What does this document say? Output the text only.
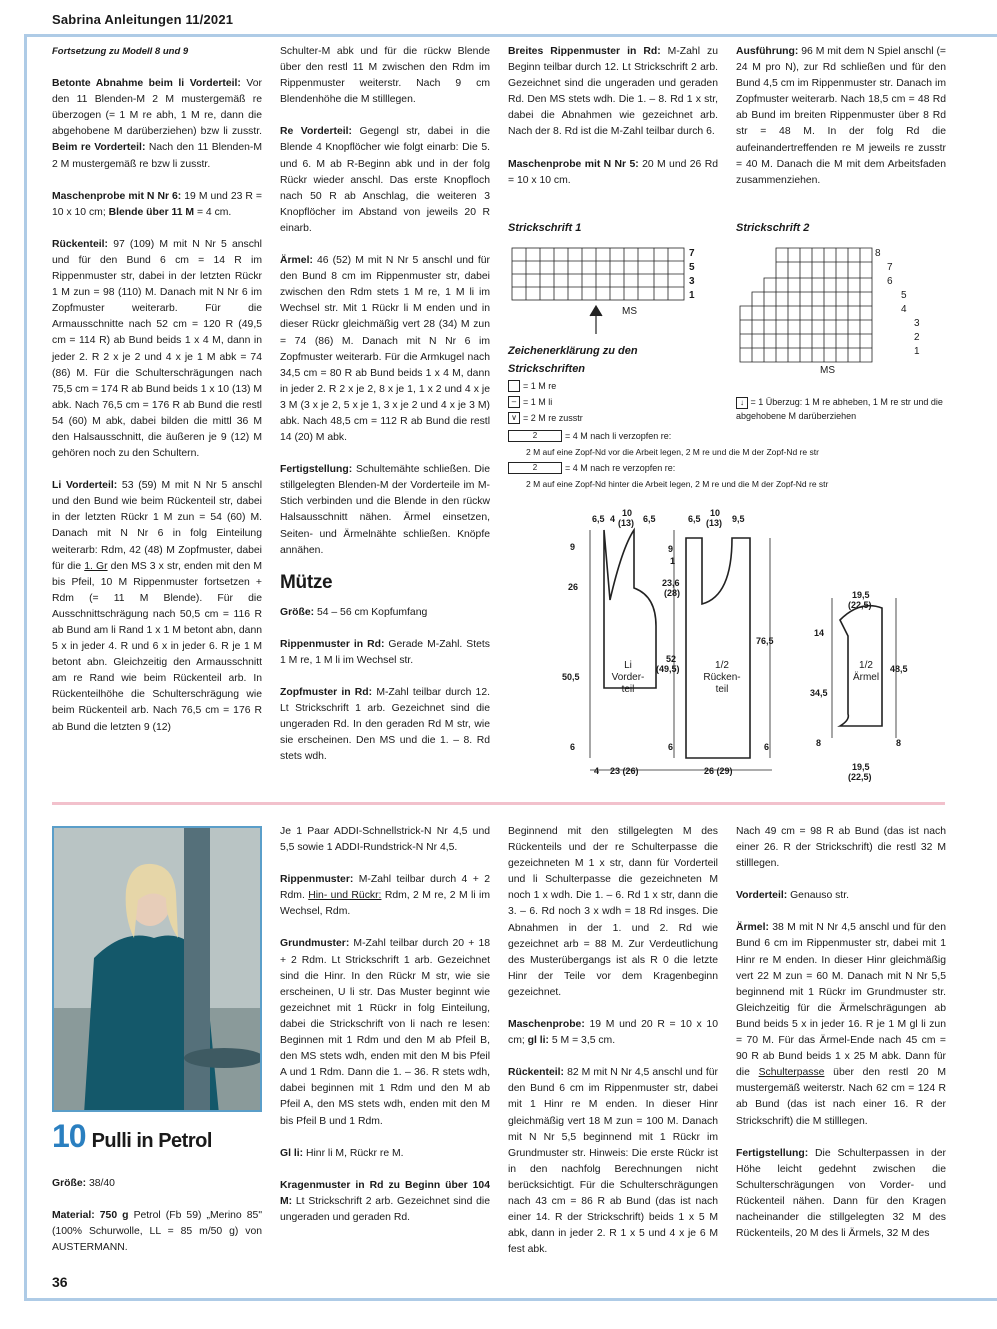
Sabrina Anleitungen 11/2021

Fortsetzung zu Modell 8 und 9

Betonte Abnahme beim li Vorderteil: Vor den 11 Blenden-M 2 M mustergemäß re überzogen (= 1 M re abh, 1 M re, dann die abgehobene M darüberziehen) bzw li zusstr. Beim re Vorderteil: Nach den 11 Blenden-M 2 M mustergemäß re bzw li zusstr.

Maschenprobe mit N Nr 6: 19 M und 23 R = 10 x 10 cm; Blende über 11 M = 4 cm.

Rückenteil: 97 (109) M mit N Nr 5 anschl und für den Bund 6 cm = 14 R im Rippenmuster str, dabei in der letzten Rückr 1 M zun = 98 (110) M. Danach mit N Nr 6 im Zopfmuster weiterarb. Für die Armausschnitte nach 52 cm = 120 R (49,5 cm = 114 R) ab Bund beids 1 x 4 M, dann in jeder 2. R 2 x je 2 und 4 x je 1 M abk = 74 (86) M. Für die Schulterschrägungen nach 75,5 cm = 174 R ab Bund beids 1 x 10 (13) M abk. Nach 76,5 cm = 176 R ab Bund die restl 54 (60) M abk, dabei bilden die mittl 36 M den Halsausschnitt, die äußeren je 9 (12) M gehören noch zu den Schultern.

Li Vorderteil: 53 (59) M mit N Nr 5 anschl und den Bund wie beim Rückenteil str, dabei in der letzten Rückr 1 M zun = 54 (60) M. Danach mit N Nr 6 in folg Einteilung weiterarb: Rdm, 42 (48) M Zopfmuster, dabei für die 1. Gr den MS 3 x str, enden mit den M bis Pfeil, 10 M Rippenmuster fortsetzen + Rdm (= 11 M Blende). Für die Ausschnittschrägung nach 50,5 cm = 116 R ab Bund am li Rand 1 x 1 M betont abn, dann 5 x in jeder 4. R und 6 x in jeder 6. R je 1 M betont abn. Gleichzeitig den Armausschnitt am re Rand wie beim Rückenteil arb. In Rückenteilhöhe die Schulterschrägung wie beim Rückenteil arb. Nach 76,5 cm = 176 R ab Bund die letzten 9 (12)

Schulter-M abk und für die rückw Blende über den restl 11 M zwischen den Rdm im Rippenmuster weiterstr. Nach 9 cm Blendenhöhe die M stilllegen.

Re Vorderteil: Gegengl str, dabei in die Blende 4 Knopflöcher wie folgt einarb: Die 5. und 6. M ab R-Beginn abk und in der folg Rückr wieder anschl. Das erste Knopfloch nach 50 R ab Anschlag, die weiteren 3 Knopflöcher im Abstand von jeweils 20 R einarb.

Ärmel: 46 (52) M mit N Nr 5 anschl und für den Bund 8 cm im Rippenmuster str, dabei zwischen den Rdm stets 1 M re, 1 M li im Wechsel str. Mit 1 Rückr li M enden und in dieser Rückr gleichmäßig vert 28 (34) M zun = 74 (86) M. Danach mit N Nr 6 im Zopfmuster weiterarb. Für die Armkugel nach 34,5 cm = 80 R ab Bund beids 1 x 4 M, dann in jeder 2. R 2 x je 2, 8 x je 1, 1 x 2 und 4 x je 3 M (3 x je 2, 5 x je 1, 3 x je 2 und 4 x je 3 M) abk. Nach 48,5 cm = 112 R ab Bund die restl 14 (20) M abk.

Fertigstellung: Schultemähte schließen. Die stillgelegten Blenden-M der Vorderteile im M-Stich verbinden und die Blende in den rückw Halsausschnitt nähen. Ärmel einsetzen, Seiten- und Ärmelnähte schließen. Knöpfe annähen.

Mütze

Größe: 54 – 56 cm Kopfumfang

Rippenmuster in Rd: Gerade M-Zahl. Stets 1 M re, 1 M li im Wechsel str.

Zopfmuster in Rd: M-Zahl teilbar durch 12. Lt Strickschrift 1 arb. Gezeichnet sind die ungeraden Rd. In den geraden Rd M str, wie sie erscheinen. Den MS und die 1. – 8. Rd stets wdh.

Breites Rippenmuster in Rd: M-Zahl zu Beginn teilbar durch 12. Lt Strickschrift 2 arb. Gezeichnet sind die ungeraden und geraden Rd. Den MS stets wdh. Die 1. – 8. Rd 1 x str, dabei die Abnahmen wie gezeichnet arb. Nach der 8. Rd ist die M-Zahl teilbar durch 6.

Maschenprobe mit N Nr 5: 20 M und 26 Rd = 10 x 10 cm.

Ausführung: 96 M mit dem N Spiel anschl (= 24 M pro N), zur Rd schließen und für den Bund 4,5 cm im Rippenmuster str. Danach im Zopfmuster weiterarb. Nach 18,5 cm = 48 Rd ab Bund im breiten Rippenmuster über 8 Rd str = 48 M. In der folg Rd die aufeinandertreffenden re M jeweils re zusstr = 40 M. Danach die M mit dem Arbeitsfaden zusammenziehen.

Strickschrift 1
7
5
3
1
MS
Strickschrift 2
8
7
6
5
4
3
2
1
MS
Zeichenerklärung zu den Strickschriften
= 1 M re
– = 1 M li
∨ = 2 M re zusstr
2	= 4 M nach li verzopfen re:
2 M auf eine Zopf-Nd vor die Arbeit legen, 2 M re und die M der Zopf-Nd re str
2	= 4 M nach re verzopfen re:
2 M auf eine Zopf-Nd hinter die Arbeit legen, 2 M re und die M der Zopf-Nd re str
↓ = 1 Überzug: 1 M re abheben, 1 M re str und die abgehobene M darüberziehen
6,5 4
10
(13) 6,5	6,5
10
(13) 9,5
9
26
50,5
6
9
1
23,6
(28)
52
(49,5)
6
76,5
6
Li Vorder-teil
1/2 Rücken-teil
1/2 Ärmel
4 23 (26)	26 (29)
19,5
(22,5)
14
34,5
48,5
8	8
19,5
(22,5)
10 Pulli in Petrol

Größe: 38/40

Material: 750 g Petrol (Fb 59) „Merino 85" (100% Schurwolle, LL = 85 m/50 g) von AUSTERMANN.

Je 1 Paar ADDI-Schnellstrick-N Nr 4,5 und 5,5 sowie 1 ADDI-Rundstrick-N Nr 4,5.

Rippenmuster: M-Zahl teilbar durch 4 + 2 Rdm. Hin- und Rückr: Rdm, 2 M re, 2 M li im Wechsel, Rdm.

Grundmuster: M-Zahl teilbar durch 20 + 18 + 2 Rdm. Lt Strickschrift 1 arb. Gezeichnet sind die Hinr. In den Rückr M str, wie sie erscheinen, U li str. Das Muster beginnt wie gezeichnet mit 1 Rückr in folg Einteilung, dabei die Strickschrift von li nach re lesen: Beginnen mit 1 Rdm und den M ab Pfeil B, den MS stets wdh, enden mit den M bis Pfeil A und 1 Rdm. Dann die 1. – 36. R stets wdh, dabei beginnen mit 1 Rdm und den M ab Pfeil A, den MS stets wdh, enden mit den M bis Pfeil B und 1 Rdm.

Gl li: Hinr li M, Rückr re M.

Kragenmuster in Rd zu Beginn über 104 M: Lt Strickschrift 2 arb. Gezeichnet sind die ungeraden und geraden Rd.

Beginnend mit den stillgelegten M des Rückenteils und der re Schulterpasse die gezeichneten M 1 x str, dann für Vorderteil und li Schulterpasse die gezeichneten M noch 1 x wdh. Die 1. – 6. Rd 1 x str, dann die 3. – 6. Rd noch 3 x wdh = 18 Rd insges. Die Abnahmen in der 1. und 2. Rd wie gezeichnet arb = 88 M. Zur Verdeutlichung des Musterübergangs ist als R 0 die letzte Hinr der Teile vor dem Kragenbeginn gezeichnet.

Maschenprobe: 19 M und 20 R = 10 x 10 cm; gl li: 5 M = 3,5 cm.

Rückenteil: 82 M mit N Nr 4,5 anschl und für den Bund 6 cm im Rippenmuster str, dabei mit 1 Hinr re M enden. In dieser Hinr gleichmäßig vert 18 M zun = 100 M. Danach mit N Nr 5,5 beginnend mit 1 Rückr im Grundmuster str. Hinweis: Die erste Rückr ist in den nachfolg Berechnungen nicht berücksichtigt. Für die Schulterschrägungen nach 43 cm = 86 R ab Bund (das ist nach einer 14. R der Strickschrift) beids 1 x 5 M abk, dann in jeder 2. R 1 x 5 und 4 x je 6 M fest abk.

Nach 49 cm = 98 R ab Bund (das ist nach einer 26. R der Strickschrift) die restl 32 M stilllegen.

Vorderteil: Genauso str.

Ärmel: 38 M mit N Nr 4,5 anschl und für den Bund 6 cm im Rippenmuster str, dabei mit 1 Hinr re M enden. In dieser Hinr gleichmäßig vert 22 M zun = 60 M. Danach mit N Nr 5,5 beginnend mit 1 Rückr im Grundmuster str. Gleichzeitig für die Ärmelschrägungen ab Bund beids 5 x in jeder 16. R je 1 M gl li zun = 70 M. Für das Ärmel-Ende nach 45 cm = 90 R ab Bund beids 1 x 25 M abk. Dann für die Schulterpasse über den restl 20 M mustergemäß weiterstr. Nach 62 cm = 124 R ab Bund (das ist nach einer 16. R der Strickschrift) die M stilllegen.

Fertigstellung: Die Schulterpassen in der Höhe leicht gedehnt zwischen die Schulterschrägungen von Vorder- und Rückenteil nähen. Dann für den Kragen nacheinander die stillgelegten 32 M des Rückenteils, 20 M des li Ärmels, 32 M des

36
